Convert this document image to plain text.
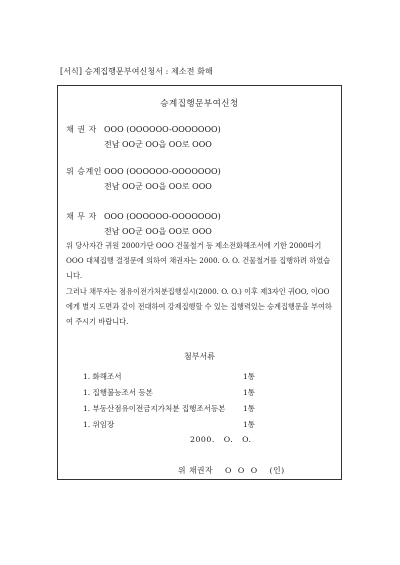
[서식] 승계집행문부여신청서 : 제소전 화해
승계집행문부여신청
채 권 자 OOO (OOOOOO-OOOOOOO)
전남 OO군 OO읍 OO로 OOO
위 승계인 OOO (OOOOOO-OOOOOOO)
전남 OO군 OO읍 OO로 OOO
채 무 자 OOO (OOOOOO-OOOOOOO)
전남 OO군 OO읍 OO로 OOO

위 당사자간 귀원 2000가단 OOO 건물철거 등 제소전화해조서에 기한 2000타기 OOO 대체집행 결정문에 의하여 채권자는 2000. O. O. 건물철거를 집행하려 하였습니다.

그러나 채무자는 점유이전가처분집행실시(2000. O. O.) 이후 제3자인 귀OO, 이OO에게 별지 도면과 같이 전대하여 강제집행할 수 있는 집행력있는 승계집행문을 부여하여 주시기 바랍니다.

첨부서류
1. 화해조서	1통
1. 집행불능조서 등본	1통
1. 부동산점유이전금지가처분 집행조서등본 1통
1. 위임장	1통
2000.   O.   O.
위 채권자    O  O  O    (인)
